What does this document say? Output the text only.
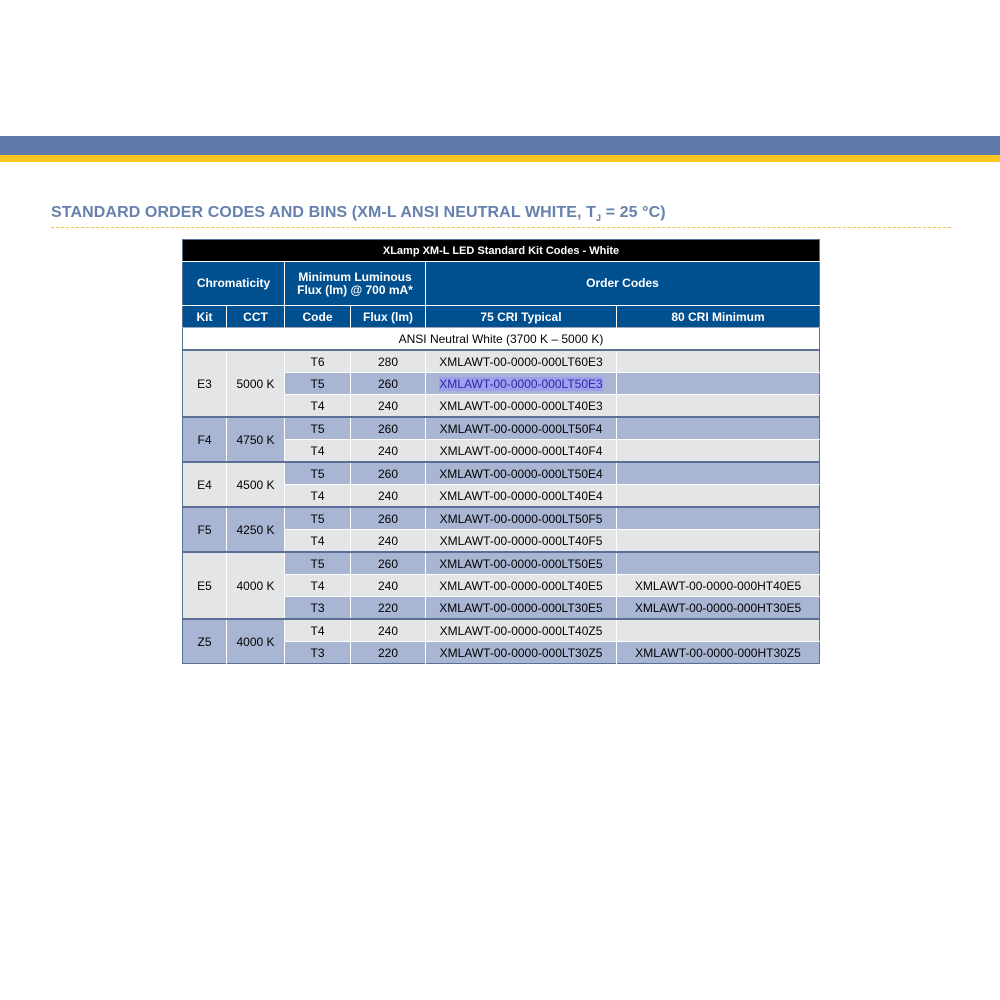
STANDARD ORDER CODES AND BINS (XM-L ANSI NEUTRAL WHITE, $T_J = 25$ °C)
XLamp XM-L LED Standard Kit Codes - White					
Chromaticity		Minimum Luminous Flux (lm) @ 700 mA*		Order Codes	
Kit	CCT	Code	Flux (lm)	75 CRI Typical	80 CRI Minimum
ANSI Neutral White (3700 K – 5000 K)					
E3	5000 K	T6	280	XMLAWT-00-0000-000LT60E3	
		T5	260	XMLAWT-00-0000-000LT50E3	
		T4	240	XMLAWT-00-0000-000LT40E3	
F4	4750 K	T5	260	XMLAWT-00-0000-000LT50F4	
		T4	240	XMLAWT-00-0000-000LT40F4	
E4	4500 K	T5	260	XMLAWT-00-0000-000LT50E4	
		T4	240	XMLAWT-00-0000-000LT40E4	
F5	4250 K	T5	260	XMLAWT-00-0000-000LT50F5	
		T4	240	XMLAWT-00-0000-000LT40F5	
E5	4000 K	T5	260	XMLAWT-00-0000-000LT50E5	
		T4	240	XMLAWT-00-0000-000LT40E5	XMLAWT-00-0000-000HT40E5
		T3	220	XMLAWT-00-0000-000LT30E5	XMLAWT-00-0000-000HT30E5
Z5	4000 K	T4	240	XMLAWT-00-0000-000LT40Z5	
		T3	220	XMLAWT-00-0000-000LT30Z5	XMLAWT-00-0000-000HT30Z5
